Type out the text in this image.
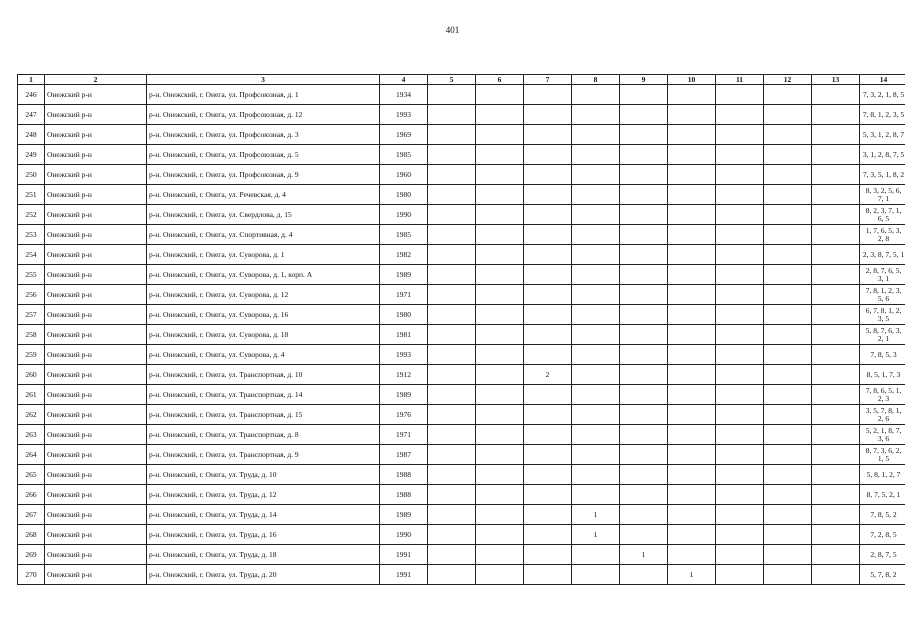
401
1	2	3	4	5	6	7	8	9	10	11	12	13	14
246	Онежский р-н	р-н. Онежский, г. Онега, ул. Профсоюзная, д. 1	1934										7, 3, 2, 1, 8, 5
247	Онежский р-н	р-н. Онежский, г. Онега, ул. Профсоюзная, д. 12	1993										7, 8, 1, 2, 3, 5
248	Онежский р-н	р-н. Онежский, г. Онега, ул. Профсоюзная, д. 3	1969										5, 3, 1, 2, 8, 7
249	Онежский р-н	р-н. Онежский, г. Онега, ул. Профсоюзная, д. 5	1985										3, 1, 2, 8, 7, 5
250	Онежский р-н	р-н. Онежский, г. Онега, ул. Профсоюзная, д. 9	1960										7, 3, 5, 1, 8, 2
251	Онежский р-н	р-н. Онежский, г. Онега, ул. Речевская, д. 4	1980										8, 3, 2, 5, 6, 7, 1
252	Онежский р-н	р-н. Онежский, г. Онега, ул. Свердлова, д. 15	1990										8, 2, 3, 7, 1, 6, 5
253	Онежский р-н	р-н. Онежский, г. Онега, ул. Спортивная, д. 4	1985										1, 7, 6, 5, 3, 2, 8
254	Онежский р-н	р-н. Онежский, г. Онега, ул. Суворова, д. 1	1982										2, 3, 8, 7, 5, 1
255	Онежский р-н	р-н. Онежский, г. Онега, ул. Суворова, д. 1, корп. А	1989										2, 8, 7, 6, 5, 3, 1
256	Онежский р-н	р-н. Онежский, г. Онега, ул. Суворова, д. 12	1971										7, 8, 1, 2, 3, 5, 6
257	Онежский р-н	р-н. Онежский, г. Онега, ул. Суворова, д. 16	1980										6, 7, 8, 1, 2, 3, 5
258	Онежский р-н	р-н. Онежский, г. Онега, ул. Суворова, д. 18	1981										5, 8, 7, 6, 3, 2, 1
259	Онежский р-н	р-н. Онежский, г. Онега, ул. Суворова, д. 4	1993										7, 8, 5, 3
260	Онежский р-н	р-н. Онежский, г. Онега, ул. Транспортная, д. 10	1912			2							8, 5, 1, 7, 3
261	Онежский р-н	р-н. Онежский, г. Онега, ул. Транспортная, д. 14	1989										7, 8, 6, 5, 1, 2, 3
262	Онежский р-н	р-н. Онежский, г. Онега, ул. Транспортная, д. 15	1976										3, 5, 7, 8, 1, 2, 6
263	Онежский р-н	р-н. Онежский, г. Онега, ул. Транспортная, д. 8	1971										5, 2, 1, 8, 7, 3, 6
264	Онежский р-н	р-н. Онежский, г. Онега, ул. Транспортная, д. 9	1987										8, 7, 3, 6, 2, 1, 5
265	Онежский р-н	р-н. Онежский, г. Онега, ул. Труда, д. 10	1988										5, 8, 1, 2, 7
266	Онежский р-н	р-н. Онежский, г. Онега, ул. Труда, д. 12	1988										8, 7, 5, 2, 1
267	Онежский р-н	р-н. Онежский, г. Онега, ул. Труда, д. 14	1989				1						7, 8, 5, 2
268	Онежский р-н	р-н. Онежский, г. Онега, ул. Труда, д. 16	1990				1						7, 2, 8, 5
269	Онежский р-н	р-н. Онежский, г. Онега, ул. Труда, д. 18	1991					1					2, 8, 7, 5
270	Онежский р-н	р-н. Онежский, г. Онега, ул. Труда, д. 20	1991						1				5, 7, 8, 2
